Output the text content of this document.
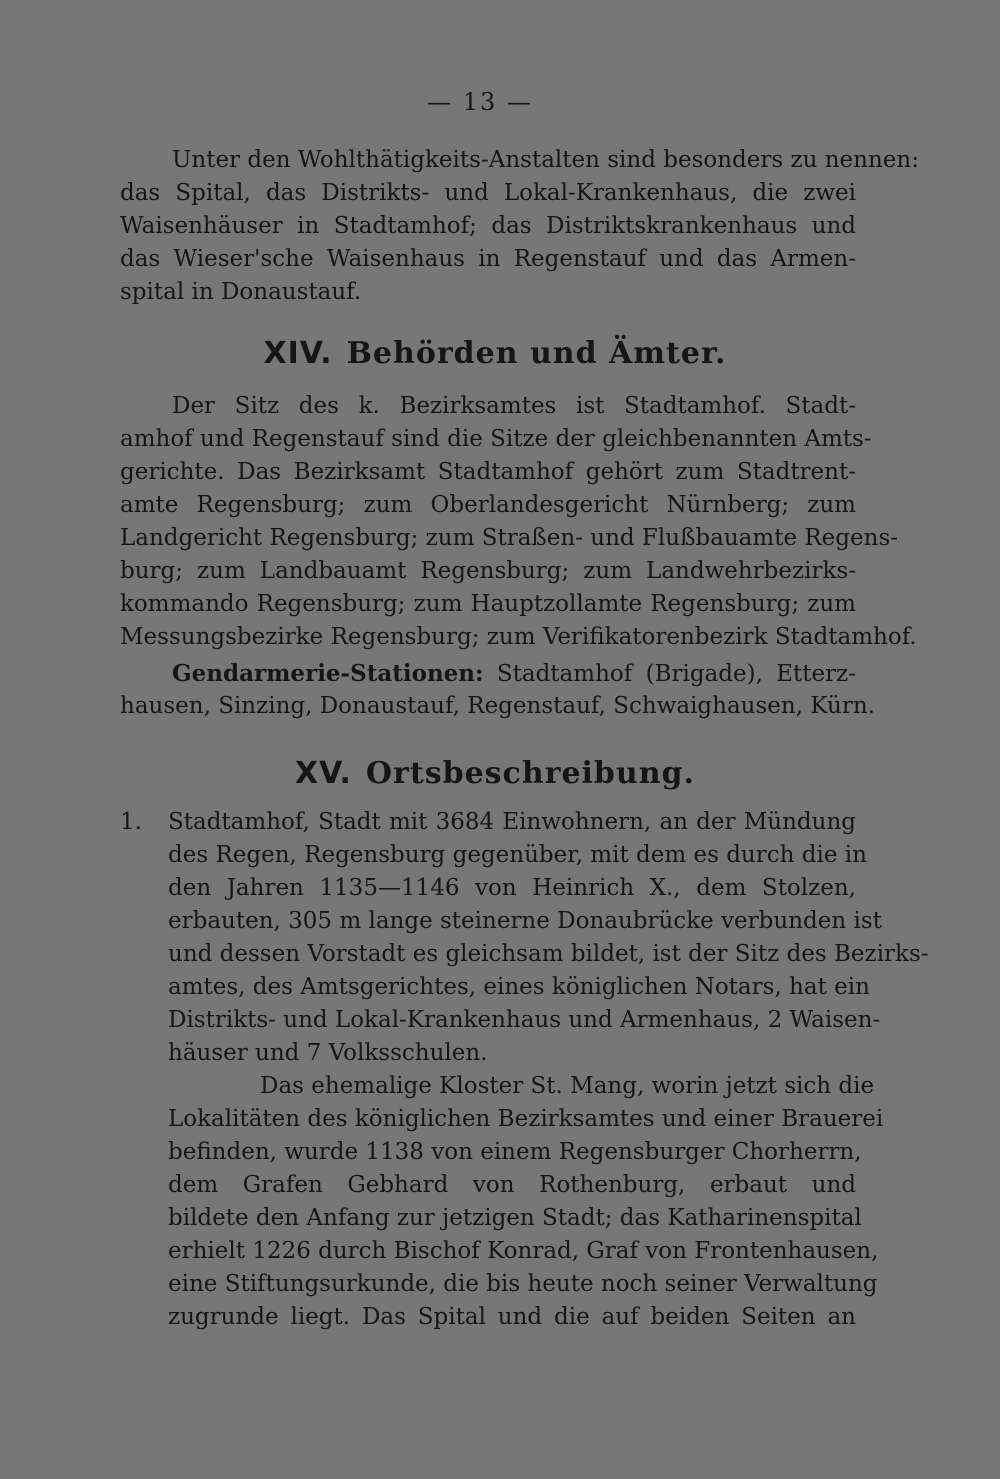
— 13 —
Unter den Wohlthätigkeits-Anstalten sind besonders zu nennen:
das Spital, das Distrikts- und Lokal-Krankenhaus, die zwei
Waisenhäuser in Stadtamhof; das Distriktskrankenhaus und
das Wieser'sche Waisenhaus in Regenstauf und das Armen-
spital in Donaustauf.
XIV. Behörden und Ämter.
Der Sitz des k. Bezirksamtes ist Stadtamhof. Stadt-
amhof und Regenstauf sind die Sitze der gleichbenannten Amts-
gerichte. Das Bezirksamt Stadtamhof gehört zum Stadtrent-
amte Regensburg; zum Oberlandesgericht Nürnberg; zum
Landgericht Regensburg; zum Straßen- und Flußbauamte Regens-
burg; zum Landbauamt Regensburg; zum Landwehrbezirks-
kommando Regensburg; zum Hauptzollamte Regensburg; zum
Messungsbezirke Regensburg; zum Verifikatorenbezirk Stadtamhof.
Gendarmerie-Stationen: Stadtamhof (Brigade), Etterz-
hausen, Sinzing, Donaustauf, Regenstauf, Schwaighausen, Kürn.
XV. Ortsbeschreibung.
1.	Stadtamhof, Stadt mit 3684 Einwohnern, an der Mündung
des Regen, Regensburg gegenüber, mit dem es durch die in
den Jahren 1135—1146 von Heinrich X., dem Stolzen,
erbauten, 305 m lange steinerne Donaubrücke verbunden ist
und dessen Vorstadt es gleichsam bildet, ist der Sitz des Bezirks-
amtes, des Amtsgerichtes, eines königlichen Notars, hat ein
Distrikts- und Lokal-Krankenhaus und Armenhaus, 2 Waisen-
häuser und 7 Volksschulen.
Das ehemalige Kloster St. Mang, worin jetzt sich die
Lokalitäten des königlichen Bezirksamtes und einer Brauerei
befinden, wurde 1138 von einem Regensburger Chorherrn,
dem Grafen Gebhard von Rothenburg, erbaut und
bildete den Anfang zur jetzigen Stadt; das Katharinenspital
erhielt 1226 durch Bischof Konrad, Graf von Frontenhausen,
eine Stiftungsurkunde, die bis heute noch seiner Verwaltung
zugrunde liegt. Das Spital und die auf beiden Seiten an
